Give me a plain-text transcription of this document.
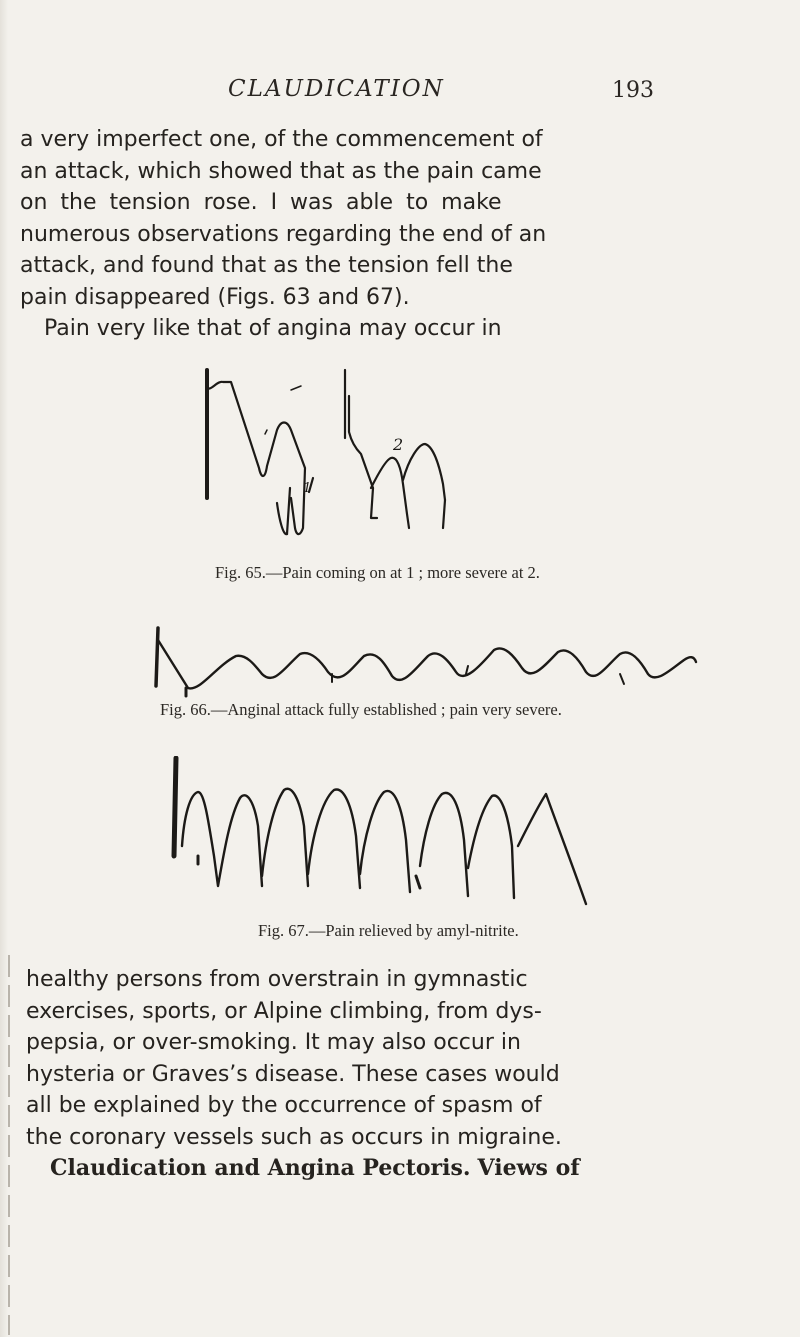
CLAUDICATION	193
a very imperfect one, of the commencement of
an attack, which showed that as the pain came
on the tension rose. I was able to make
numerous observations regarding the end of an
attack, and found that as the tension fell the
pain disappeared (Figs. 63 and 67).
Pain very like that of angina may occur in
1
2
Fig. 65.—Pain coming on at 1 ; more severe at 2.
Fig. 66.—Anginal attack fully established ; pain very severe.
Fig. 67.—Pain relieved by amyl-nitrite.
healthy persons from overstrain in gymnastic
exercises, sports, or Alpine climbing, from dys-
pepsia, or over-smoking. It may also occur in
hysteria or Graves’s disease. These cases would
all be explained by the occurrence of spasm of
the coronary vessels such as occurs in migraine.
Claudication and Angina Pectoris. Views of
